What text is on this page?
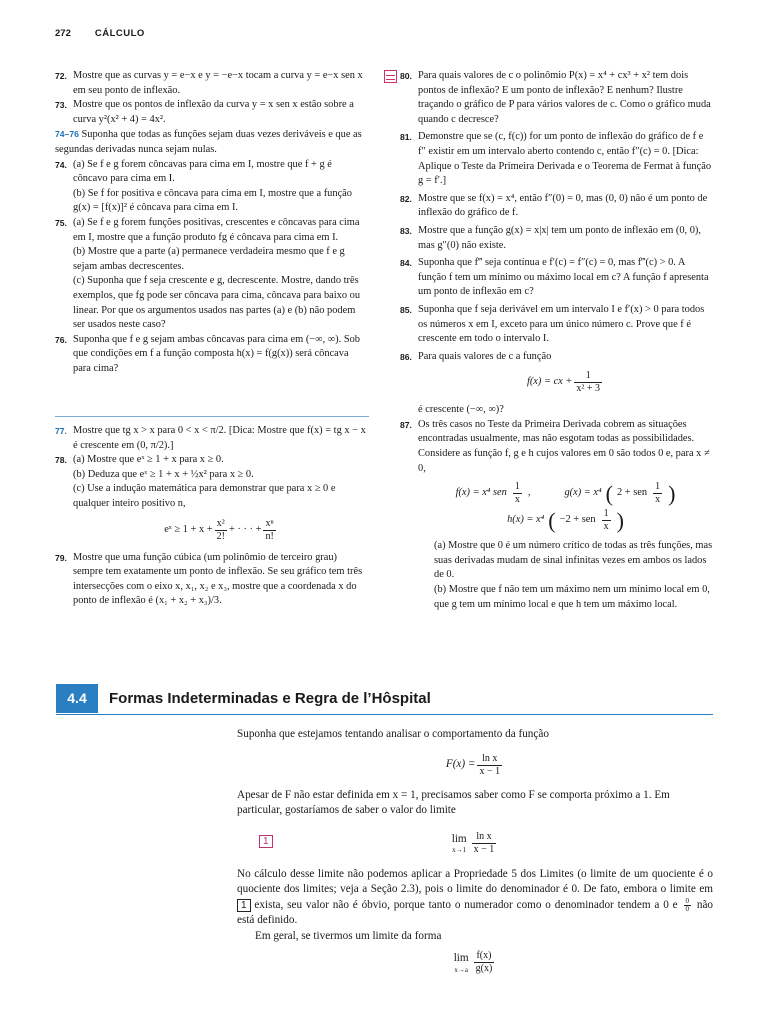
272	CÁLCULO
72. Mostre que as curvas y = e−x e y = −e−x tocam a curva y = e−x sen x em seu ponto de inflexão.
73. Mostre que os pontos de inflexão da curva y = x sen x estão sobre a curva y²(x² + 4) = 4x².
74–76 Suponha que todas as funções sejam duas vezes deriváveis e que as segundas derivadas nunca sejam nulas.
74. (a) Se f e g forem côncavas para cima em I, mostre que f + g é côncavo para cima em I.
(b) Se f for positiva e côncava para cima em I, mostre que a função g(x) = [f(x)]² é côncava para cima em I.
75. (a) Se f e g forem funções positivas, crescentes e côncavas para cima em I, mostre que a função produto fg é côncava para cima em I.
(b) Mostre que a parte (a) permanece verdadeira mesmo que f e g sejam ambas decrescentes.
(c) Suponha que f seja crescente e g, decrescente. Mostre, dando três exemplos, que fg pode ser côncava para cima, côncava para baixo ou linear. Por que os argumentos usados nas partes (a) e (b) não podem ser usados neste caso?
76. Suponha que f e g sejam ambas côncavas para cima em (−∞, ∞). Sob que condições em f a função composta h(x) = f(g(x)) será côncava para cima?
77. Mostre que tg x > x para 0 < x < π/2. [Dica: Mostre que f(x) = tg x − x é crescente em (0, π/2).]
78. (a) Mostre que eˣ ≥ 1 + x para x ≥ 0.
(b) Deduza que eˣ ≥ 1 + x + ½x² para x ≥ 0.
(c) Use a indução matemática para demonstrar que para x ≥ 0 e qualquer inteiro positivo n,
eˣ ≥ $1 + x + \frac{\text{x²}}{2!}$ + · · · + $\frac{\text{xⁿ}}{n!}$
79. Mostre que uma função cúbica (um polinômio de terceiro grau) sempre tem exatamente um ponto de inflexão. Se seu gráfico tem três intersecções com o eixo x, x₁, x₂ e x₃, mostre que a coordenada x do ponto de inflexão é (x₁ + x₂ + x₃)/3.
80. Para quais valores de c o polinômio P(x) = x⁴ + cx³ + x² tem dois pontos de inflexão? E um ponto de inflexão? E nenhum? Ilustre traçando o gráfico de P para vários valores de c. Como o gráfico muda quando c decresce?
81. Demonstre que se (c, f(c)) for um ponto de inflexão do gráfico de f e f″ existir em um intervalo aberto contendo c, então f″(c) = 0. [Dica: Aplique o Teste da Primeira Derivada e o Teorema de Fermat à função g = f′.]
82. Mostre que se f(x) = x⁴, então f″(0) = 0, mas (0, 0) não é um ponto de inflexão do gráfico de f.
83. Mostre que a função g(x) = x|x| tem um ponto de inflexão em (0, 0), mas g″(0) não existe.
84. Suponha que f‴ seja contínua e f′(c) = f″(c) = 0, mas f‴(c) > 0. A função f tem um mínimo ou máximo local em c? A função f apresenta um ponto de inflexão em c?
85. Suponha que f seja derivável em um intervalo I e f′(x) > 0 para todos os números x em I, exceto para um único número c. Prove que f é crescente em todo o intervalo I.
86. Para quais valores de c a função
f(x) = cx + $\frac{1}{\text{x² + 3}}$
é crescente (−∞, ∞)?
87. Os três casos no Teste da Primeira Derivada cobrem as situações encontradas usualmente, mas não esgotam todas as possibilidades. Considere as função f, g e h cujos valores em 0 são todos 0 e, para x ≠ 0,
f(x) = x⁴ sen $\frac{1}{x}$ ,	g(x) = x⁴ ( 2 + sen $\frac{1}{x}$ )
h(x) = x⁴ ( −2 + sen $\frac{1}{x}$ )
(a) Mostre que 0 é um número crítico de todas as três funções, mas suas derivadas mudam de sinal infinitas vezes em ambos os lados de 0.
(b) Mostre que f não tem um máximo nem um mínimo local em 0, que g tem um mínimo local e que h tem um máximo local.
4.4	Formas Indeterminadas e Regra de l’Hôspital
Suponha que estejamos tentando analisar o comportamento da função
$F(x) = \frac{\text{ln x}}{x - 1}$
Apesar de F não estar definida em x = 1, precisamos saber como F se comporta próximo a 1. Em particular, gostaríamos de saber o valor do limite
1	lim
$x\to 1 \frac{\text{ln x}}{x - 1}$
No cálculo desse limite não podemos aplicar a Propriedade 5 dos Limites (o limite de um quociente é o quociente dos limites; veja a Seção 2.3), pois o limite do denominador é 0. De fato, embora o limite em 1 exista, seu valor não é óbvio, porque tanto o numerador como o denominador tendem a 0 e $\frac{0}{0}$ não está definido.
Em geral, se tivermos um limite da forma
lim
$x\to a \frac{f(x)}{g(x)}$
